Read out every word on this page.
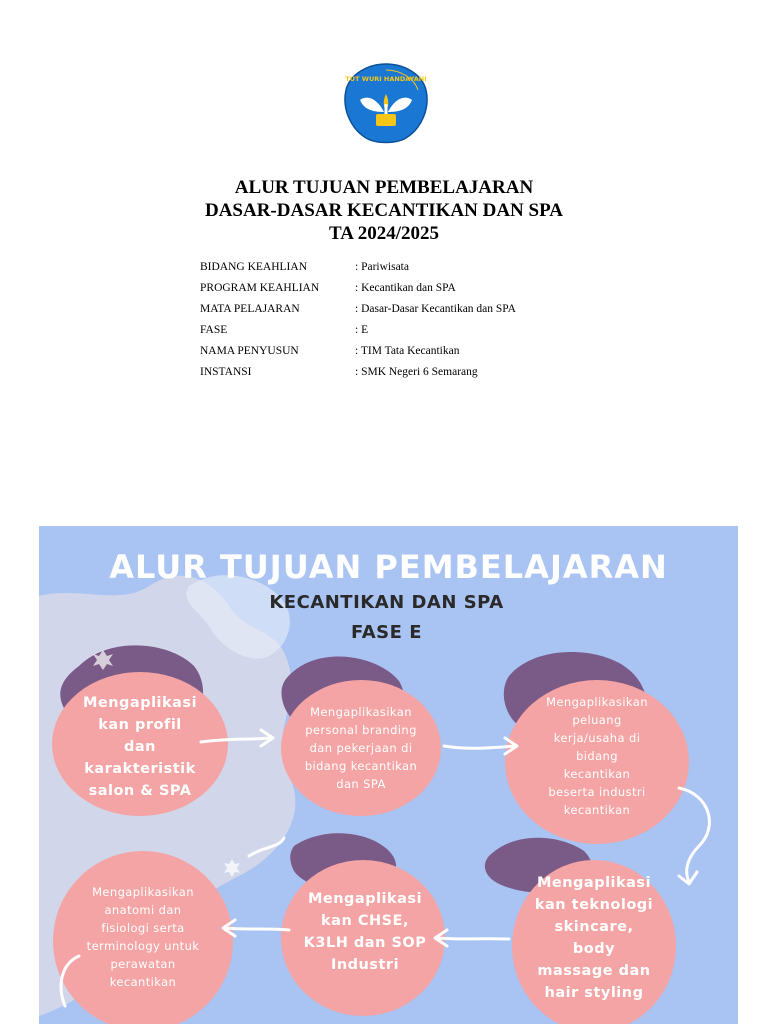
TUT WURI HANDAYANI
ALUR TUJUAN PEMBELAJARAN
DASAR-DASAR KECANTIKAN DAN SPA
TA 2024/2025
BIDANG KEAHLIAN	: Pariwisata
PROGRAM KEAHLIAN	: Kecantikan dan SPA
MATA PELAJARAN	: Dasar-Dasar Kecantikan dan SPA
FASE	: E
NAMA PENYUSUN	: TIM Tata Kecantikan
INSTANSI	: SMK Negeri 6 Semarang
ALUR TUJUAN PEMBELAJARAN
KECANTIKAN DAN SPA
FASE E
Mengaplikasi
kan profil
dan
karakteristik
salon & SPA
Mengaplikasikan
personal branding
dan pekerjaan di
bidang kecantikan
dan SPA
Mengaplikasikan
peluang
kerja/usaha di
bidang
kecantikan
beserta industri
kecantikan
Mengaplikasi
kan teknologi
skincare,
body
massage dan
hair styling
Mengaplikasi
kan CHSE,
K3LH dan SOP
Industri
Mengaplikasikan
anatomi dan
fisiologi serta
terminology untuk
perawatan
kecantikan
